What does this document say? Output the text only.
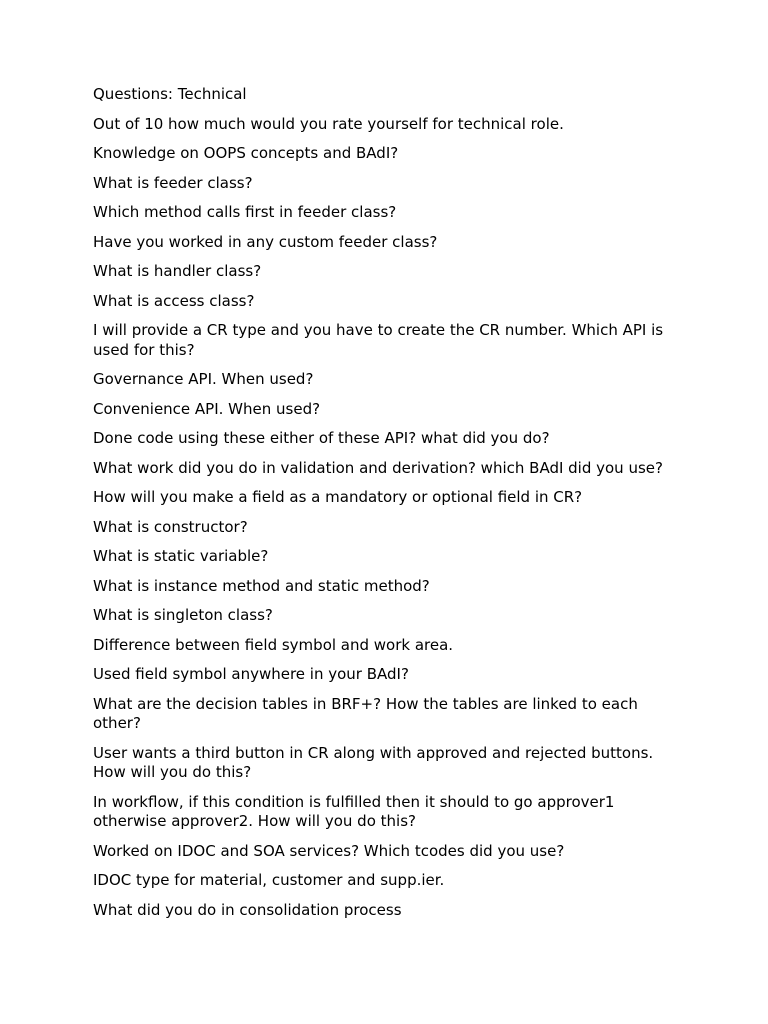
Questions: Technical

Out of 10 how much would you rate yourself for technical role.

Knowledge on OOPS concepts and BAdI?

What is feeder class?

Which method calls first in feeder class?

Have you worked in any custom feeder class?

What is handler class?

What is access class?

I will provide a CR type and you have to create the CR number. Which API is used for this?

Governance API. When used?

Convenience API. When used?

Done code using these either of these API? what did you do?

What work did you do in validation and derivation? which BAdI did you use?

How will you make a field as a mandatory or optional field in CR?

What is constructor?

What is static variable?

What is instance method and static method?

What is singleton class?

Difference between field symbol and work area.

Used field symbol anywhere in your BAdI?

What are the decision tables in BRF+? How the tables are linked to each other?

User wants a third button in CR along with approved and rejected buttons. How will you do this?

In workflow, if this condition is fulfilled then it should to go approver1 otherwise approver2. How will you do this?

Worked on IDOC and SOA services? Which tcodes did you use?

IDOC type for material, customer and supp.ier.

What did you do in consolidation process
